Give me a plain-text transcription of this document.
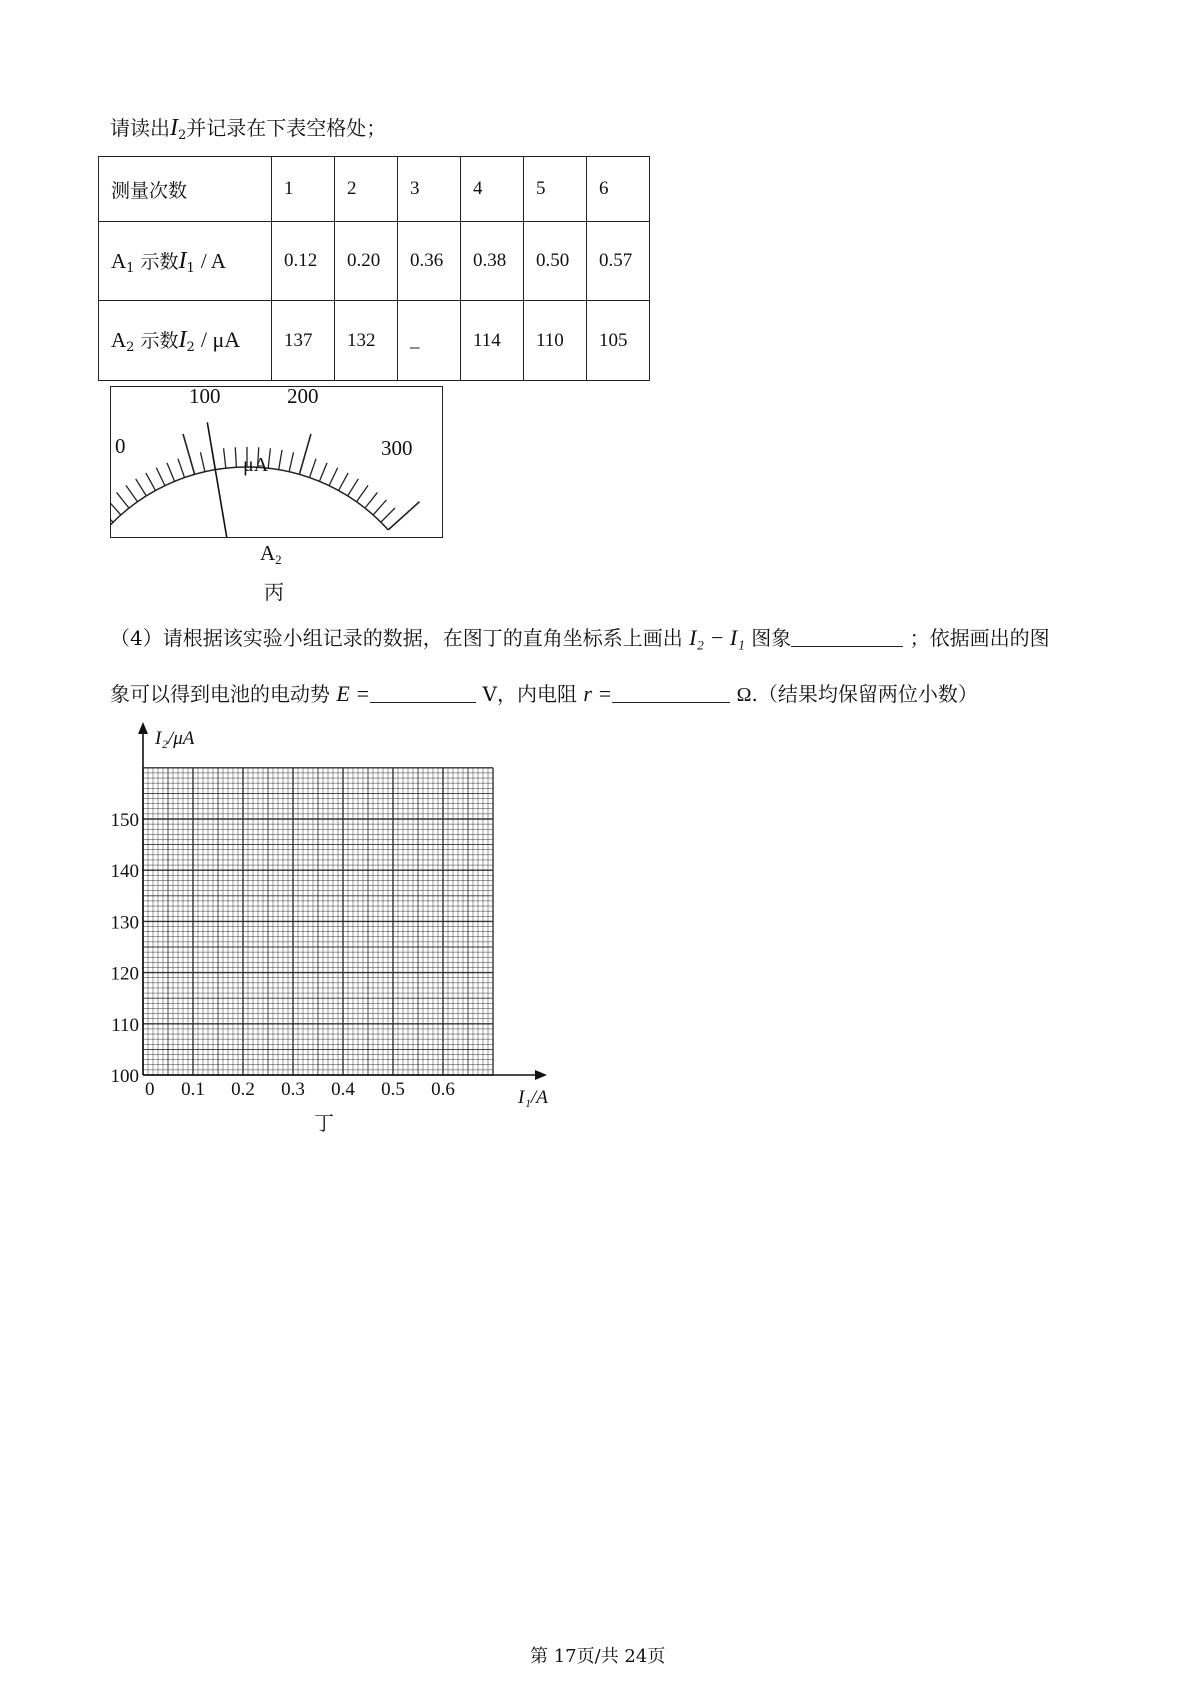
请读出$I_2$并记录在下表空格处；
测量次数	1	2	3	4	5	6
$A_1$ 示数$I_1$ / A	0.12	0.20	0.36	0.38	0.50	0.57
$A_2$ 示数$I_2$ / μA	137	132	_	114	110	105
0
100	200
300
μA
$A_2$
丙
（4）请根据该实验小组记录的数据，在图丁的直角坐标系上画出 I₂ − I₁ 图象	；依据画出的图
象可以得到电池的电动势 E =	V，内电阻 r =	Ω.（结果均保留两位小数）
0 0.1 0.2 0.3 0.4 0.5 0.6
100
110
120
130
140
150
I₁/A
I₂/μA
丁
第 17页/共 24页
